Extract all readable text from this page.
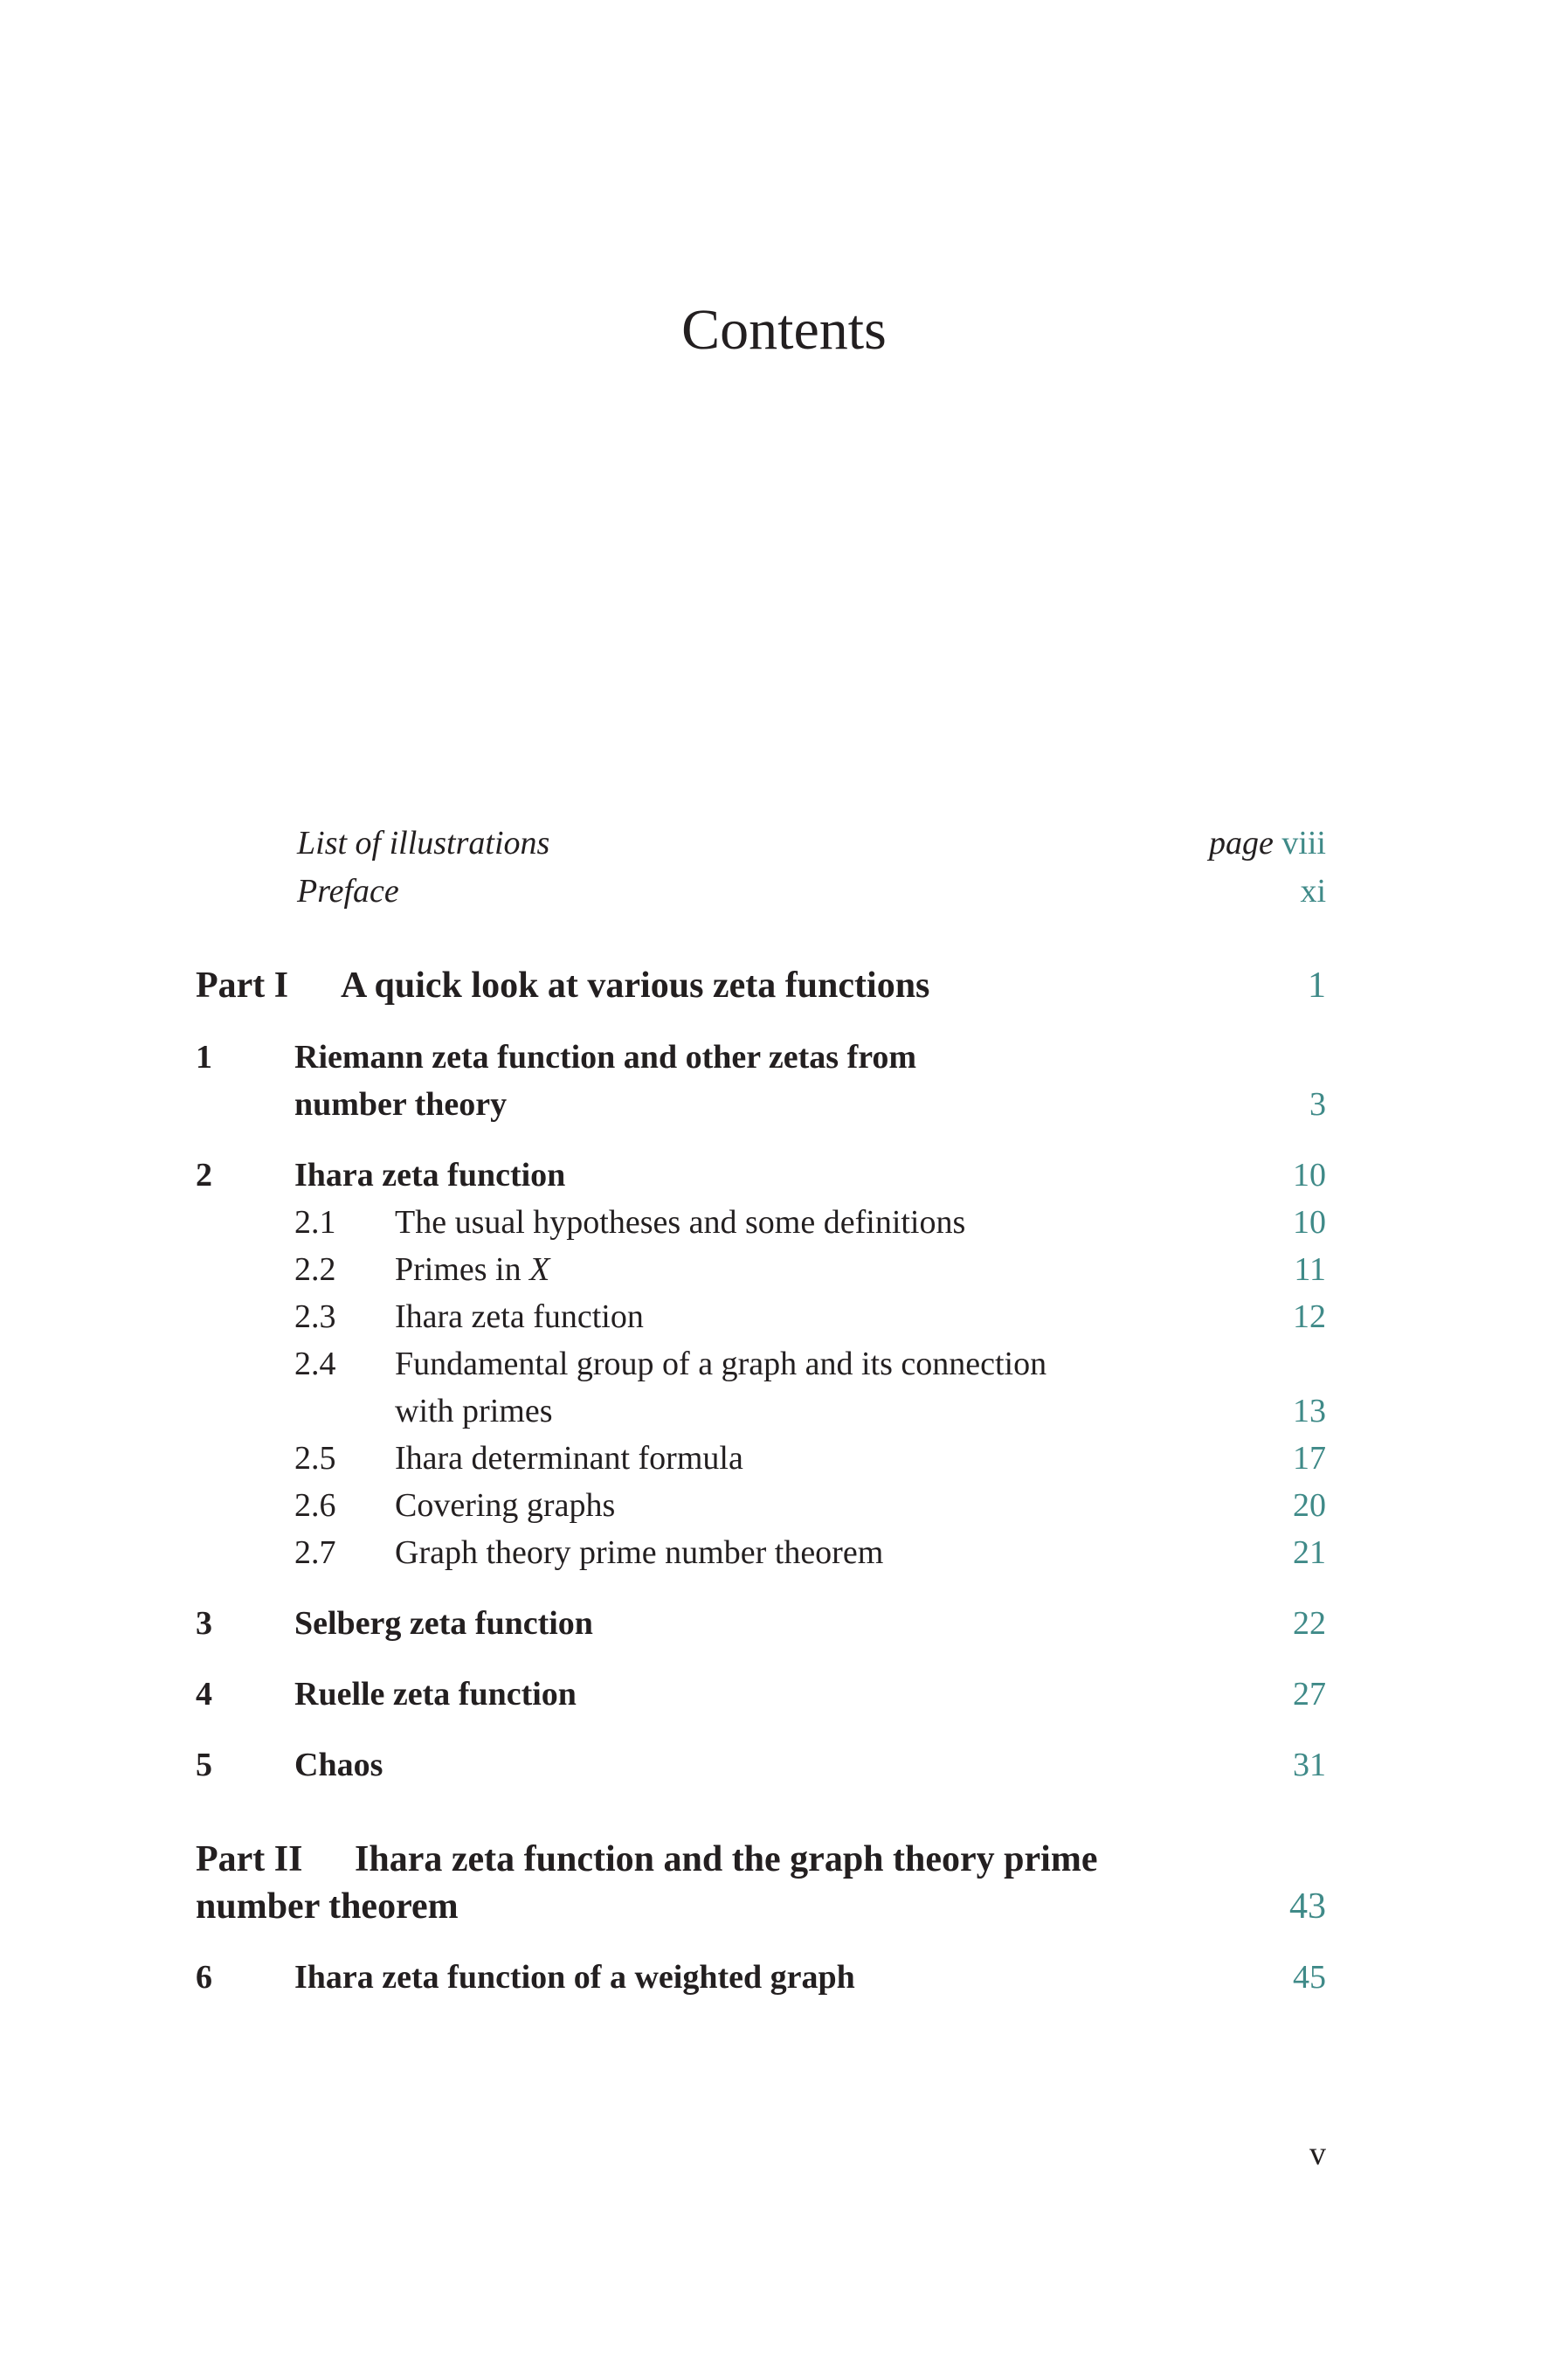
Contents
List of illustrations	page viii
Preface	xi
Part I A quick look at various zeta functions	1
1 Riemann zeta function and other zetas from
number theory	3
2 Ihara zeta function	10
2.1 The usual hypotheses and some definitions	10
2.2 Primes in X	11
2.3 Ihara zeta function	12
2.4 Fundamental group of a graph and its connection
with primes	13
2.5 Ihara determinant formula	17
2.6 Covering graphs	20
2.7 Graph theory prime number theorem	21
3 Selberg zeta function	22
4 Ruelle zeta function	27
5 Chaos	31
Part II Ihara zeta function and the graph theory prime
number theorem	43
6 Ihara zeta function of a weighted graph	45
v
